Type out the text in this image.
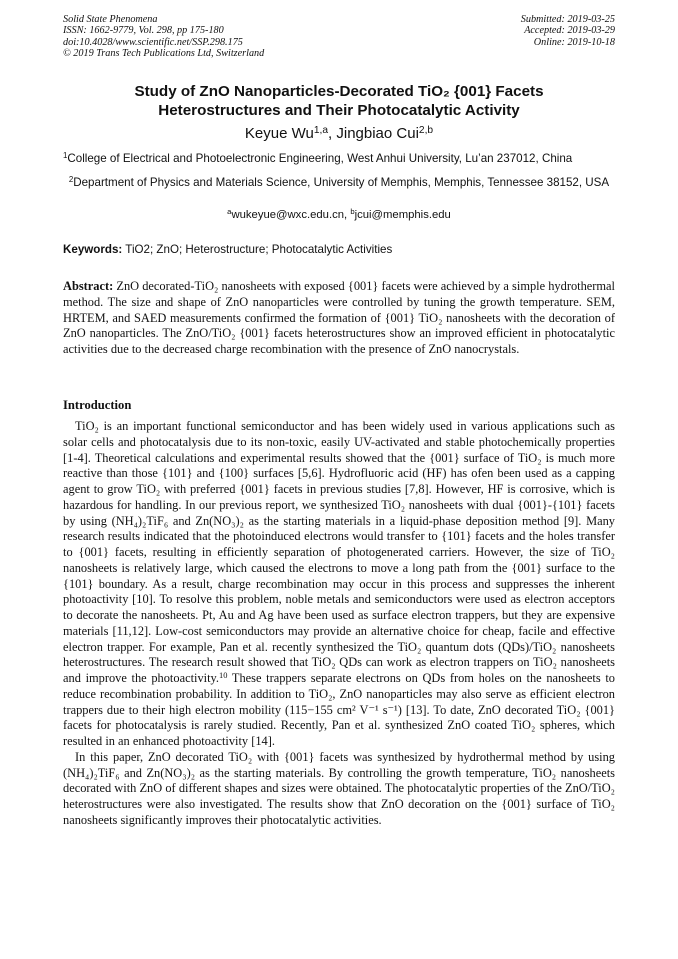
Solid State Phenomena
ISSN: 1662-9779, Vol. 298, pp 175-180
doi:10.4028/www.scientific.net/SSP.298.175
© 2019 Trans Tech Publications Ltd, Switzerland
Submitted: 2019-03-25
Accepted: 2019-03-29
Online: 2019-10-18
Study of ZnO Nanoparticles-Decorated TiO₂ {001} Facets
Heterostructures and Their Photocatalytic Activity
Keyue Wu$^{1,a}$, Jingbiao Cui$^{2,b}$
$^1$College of Electrical and Photoelectronic Engineering, West Anhui University, Lu’an 237012, China
$^2$Department of Physics and Materials Science, University of Memphis, Memphis, Tennessee 38152, USA
$^a$wukeyue@wxc.edu.cn, $^b$jcui@memphis.edu
Keywords: TiO2; ZnO; Heterostructure; Photocatalytic Activities
Abstract: ZnO decorated-TiO₂ nanosheets with exposed {001} facets were achieved by a simple hydrothermal method. The size and shape of ZnO nanoparticles were controlled by tuning the growth temperature. SEM, HRTEM, and SAED measurements confirmed the formation of {001} TiO₂ nanosheets with the decoration of ZnO nanoparticles. The ZnO/TiO₂ {001} facets heterostructures show an improved efficient in photocatalytic activities due to the decreased charge recombination with the presence of ZnO nanocrystals.
Introduction

TiO₂ is an important functional semiconductor and has been widely used in various applications such as solar cells and photocatalysis due to its non-toxic, easily UV-activated and stable photochemically properties [1-4]. Theoretical calculations and experimental results showed that the {001} surface of TiO₂ is much more reactive than those {101} and {100} surfaces [5,6]. Hydrofluoric acid (HF) has ofen been used as a capping agent to grow TiO₂ with preferred {001} facets in previous studies [7,8]. However, HF is corrosive, which is hazardous for handling. In our previous report, we synthesized TiO₂ nanosheets with dual {001}-{101} facets by using (NH₄)₂TiF₆ and Zn(NO₃)₂ as the starting materials in a liquid-phase deposition method [9]. Many research results indicated that the photoinduced electrons would transfer to {101} facets and the holes transfer to {001} facets, resulting in efficiently separation of photogenerated carriers. However, the size of TiO₂ nanosheets is relatively large, which caused the electrons to move a long path from the {001} surface to the {101} boundary. As a result, charge recombination may occur in this process and suppresses the inherent photoactivity [10]. To resolve this problem, noble metals and semiconductors were used as electron acceptors to decorate the nanosheets. Pt, Au and Ag have been used as surface electron trappers, but they are expensive materials [11,12]. Low-cost semiconductors may provide an alternative choice for cheap, facile and effective electron trapper. For example, Pan et al. recently synthesized the TiO₂ quantum dots (QDs)/TiO₂ nanosheets heterostructures. The research result showed that TiO₂ QDs can work as electron trappers on TiO₂ nanosheets and improve the photoactivity.$^{10}$ These trappers separate electrons on QDs from holes on the nanosheets to reduce recombination probability. In addition to TiO₂, ZnO nanoparticles may also serve as efficient electron trappers due to their high electron mobility (115−155 cm² V⁻¹ s⁻¹) [13]. To date, ZnO decorated TiO₂ {001} facets for photocatalysis is rarely studied. Recently, Pan et al. synthesized ZnO coated TiO₂ spheres, which resulted in an enhanced photoactivity [14].

In this paper, ZnO decorated TiO₂ with {001} facets was synthesized by hydrothermal method by using (NH₄)₂TiF₆ and Zn(NO₃)₂ as the starting materials. By controlling the growth temperature, TiO₂ nanosheets decorated with ZnO of different shapes and sizes were obtained. The photocatalytic properties of the ZnO/TiO₂ heterostructures were also investigated. The results show that ZnO decoration on the {001} surface of TiO₂ nanosheets significantly improves their photocatalytic activities.
